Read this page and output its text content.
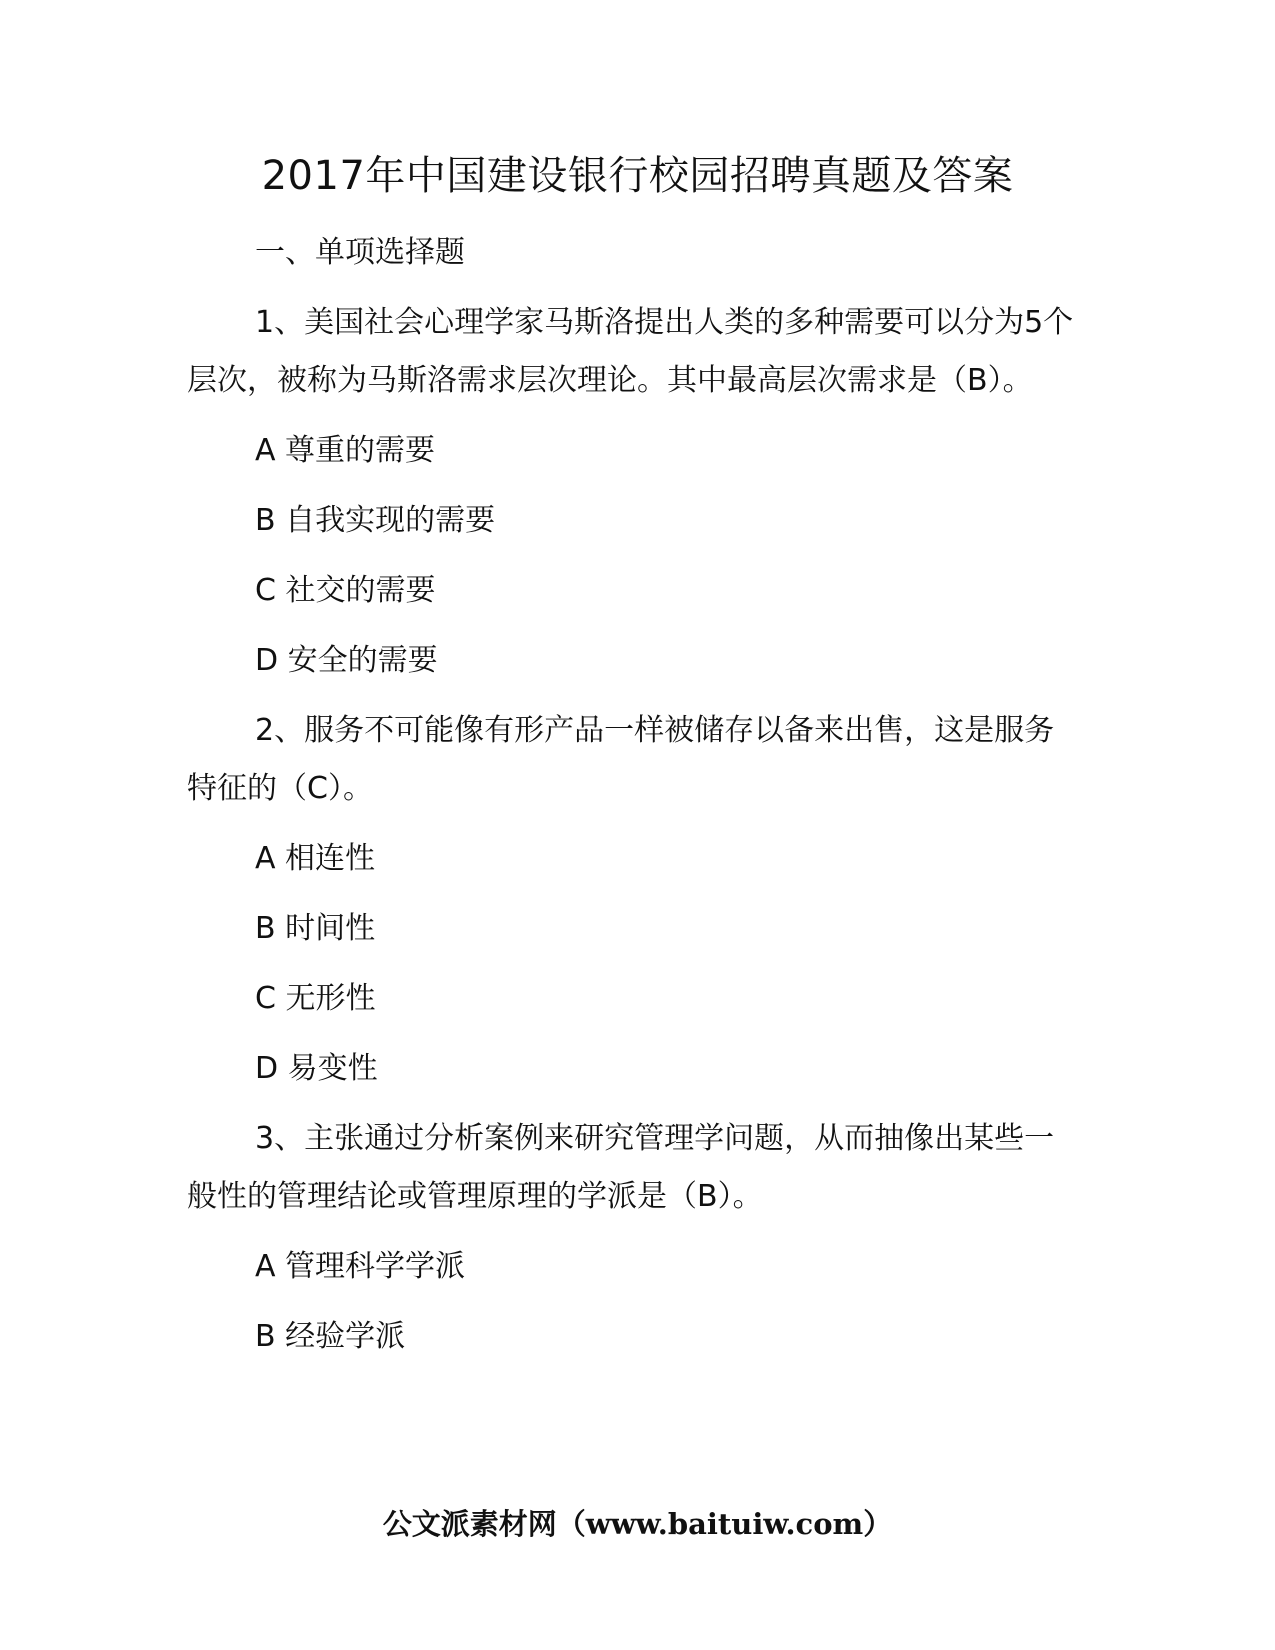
2017年中国建设银行校园招聘真题及答案

一、单项选择题

1、美国社会心理学家马斯洛提出人类的多种需要可以分为5个层次，被称为马斯洛需求层次理论。其中最高层次需求是（B）。

A 尊重的需要

B 自我实现的需要

C 社交的需要

D 安全的需要

2、服务不可能像有形产品一样被储存以备来出售，这是服务特征的（C）。

A 相连性

B 时间性

C 无形性

D 易变性

3、主张通过分析案例来研究管理学问题，从而抽像出某些一般性的管理结论或管理原理的学派是（B）。

A 管理科学学派

B 经验学派

公文派素材网（www.baituiw.com）
